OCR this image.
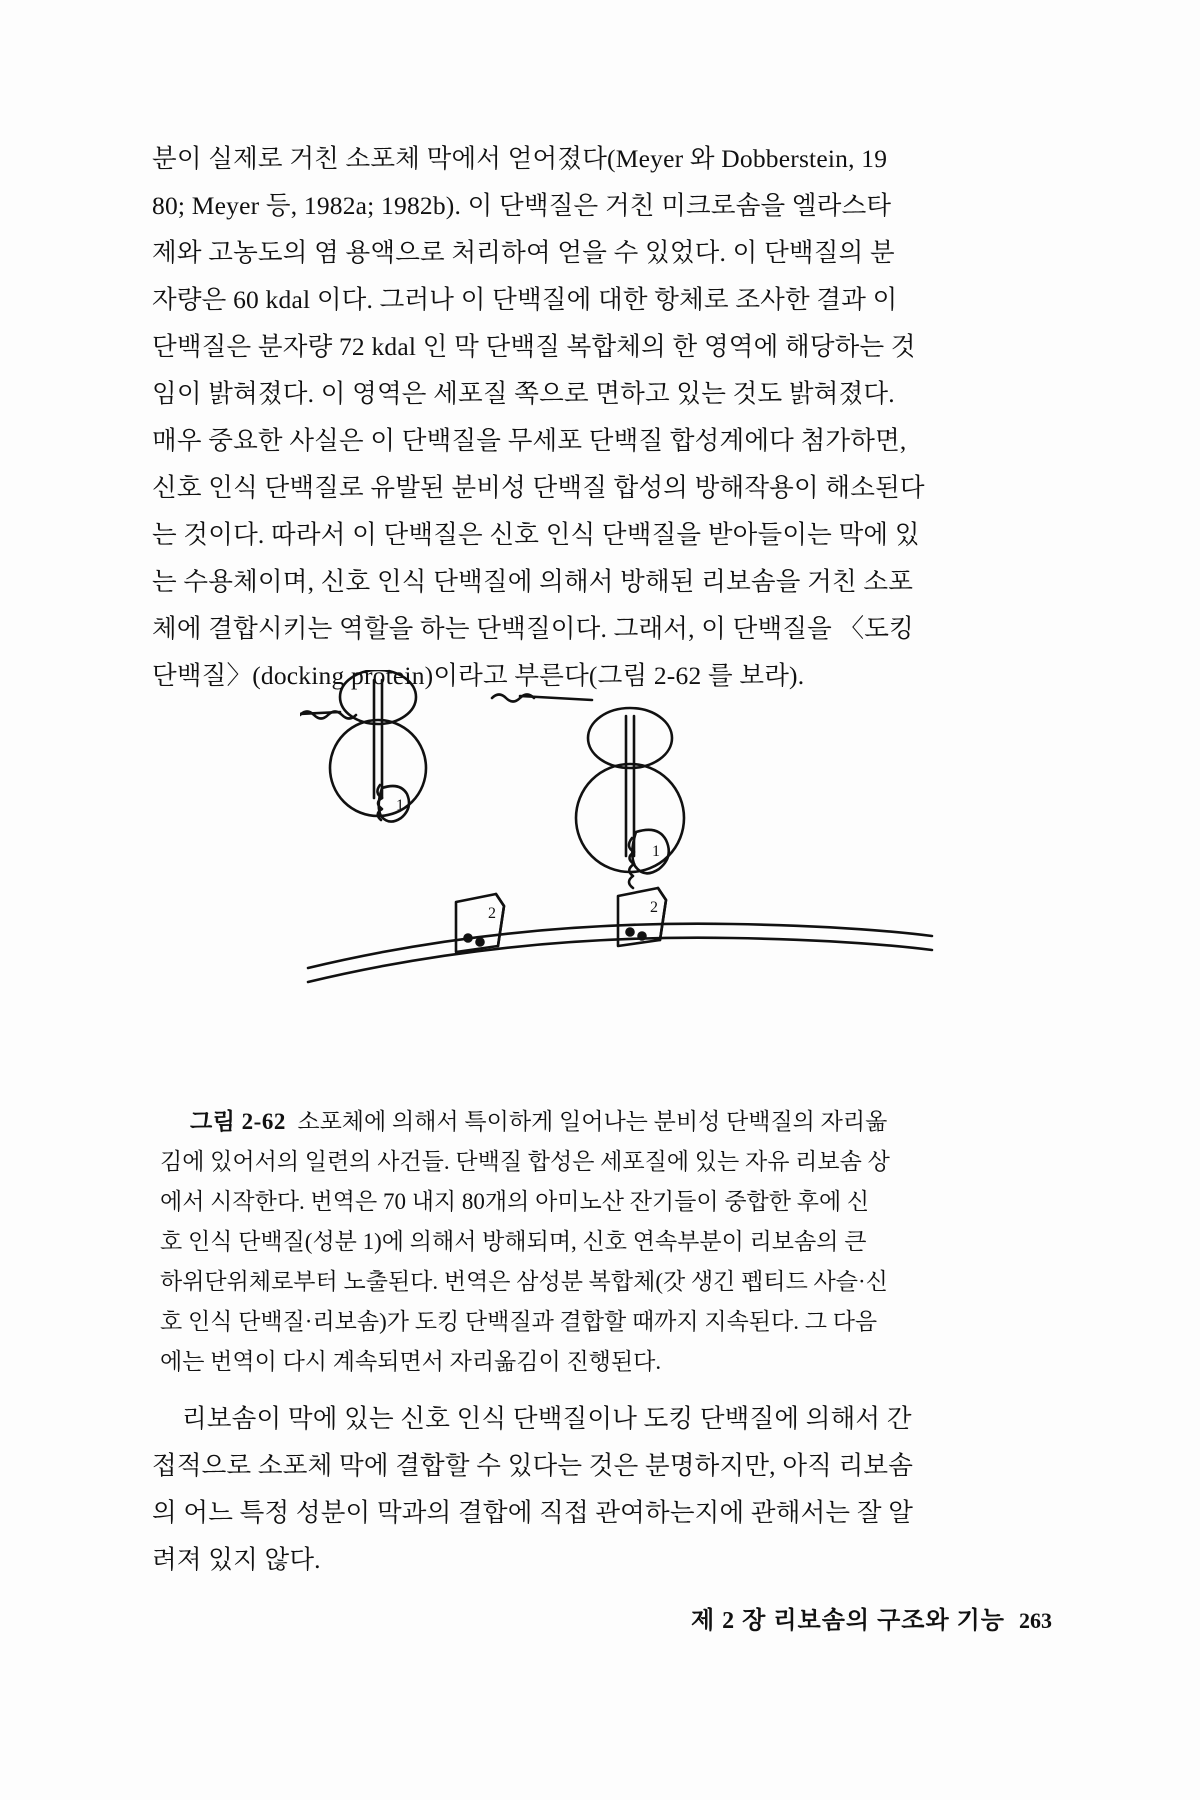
분이 실제로 거친 소포체 막에서 얻어졌다(Meyer 와 Dobberstein, 19
80; Meyer 등, 1982a; 1982b). 이 단백질은 거친 미크로솜을 엘라스타
제와 고농도의 염 용액으로 처리하여 얻을 수 있었다. 이 단백질의 분
자량은 60 kdal 이다. 그러나 이 단백질에 대한 항체로 조사한 결과 이
단백질은 분자량 72 kdal 인 막 단백질 복합체의 한 영역에 해당하는 것
임이 밝혀졌다. 이 영역은 세포질 쪽으로 면하고 있는 것도 밝혀졌다.
매우 중요한 사실은 이 단백질을 무세포 단백질 합성계에다 첨가하면,
신호 인식 단백질로 유발된 분비성 단백질 합성의 방해작용이 해소된다
는 것이다. 따라서 이 단백질은 신호 인식 단백질을 받아들이는 막에 있
는 수용체이며, 신호 인식 단백질에 의해서 방해된 리보솜을 거친 소포
체에 결합시키는 역할을 하는 단백질이다. 그래서, 이 단백질을 〈도킹
단백질〉(docking protein)이라고 부른다(그림 2-62 를 보라).
1
1
2	2
그림 2-62 소포체에 의해서 특이하게 일어나는 분비성 단백질의 자리옮
김에 있어서의 일련의 사건들. 단백질 합성은 세포질에 있는 자유 리보솜 상
에서 시작한다. 번역은 70 내지 80개의 아미노산 잔기들이 중합한 후에 신
호 인식 단백질(성분 1)에 의해서 방해되며, 신호 연속부분이 리보솜의 큰
하위단위체로부터 노출된다. 번역은 삼성분 복합체(갓 생긴 펩티드 사슬·신
호 인식 단백질·리보솜)가 도킹 단백질과 결합할 때까지 지속된다. 그 다음
에는 번역이 다시 계속되면서 자리옮김이 진행된다.
리보솜이 막에 있는 신호 인식 단백질이나 도킹 단백질에 의해서 간
접적으로 소포체 막에 결합할 수 있다는 것은 분명하지만, 아직 리보솜
의 어느 특정 성분이 막과의 결합에 직접 관여하는지에 관해서는 잘 알
려져 있지 않다.
제 2 장 리보솜의 구조와 기능 263
